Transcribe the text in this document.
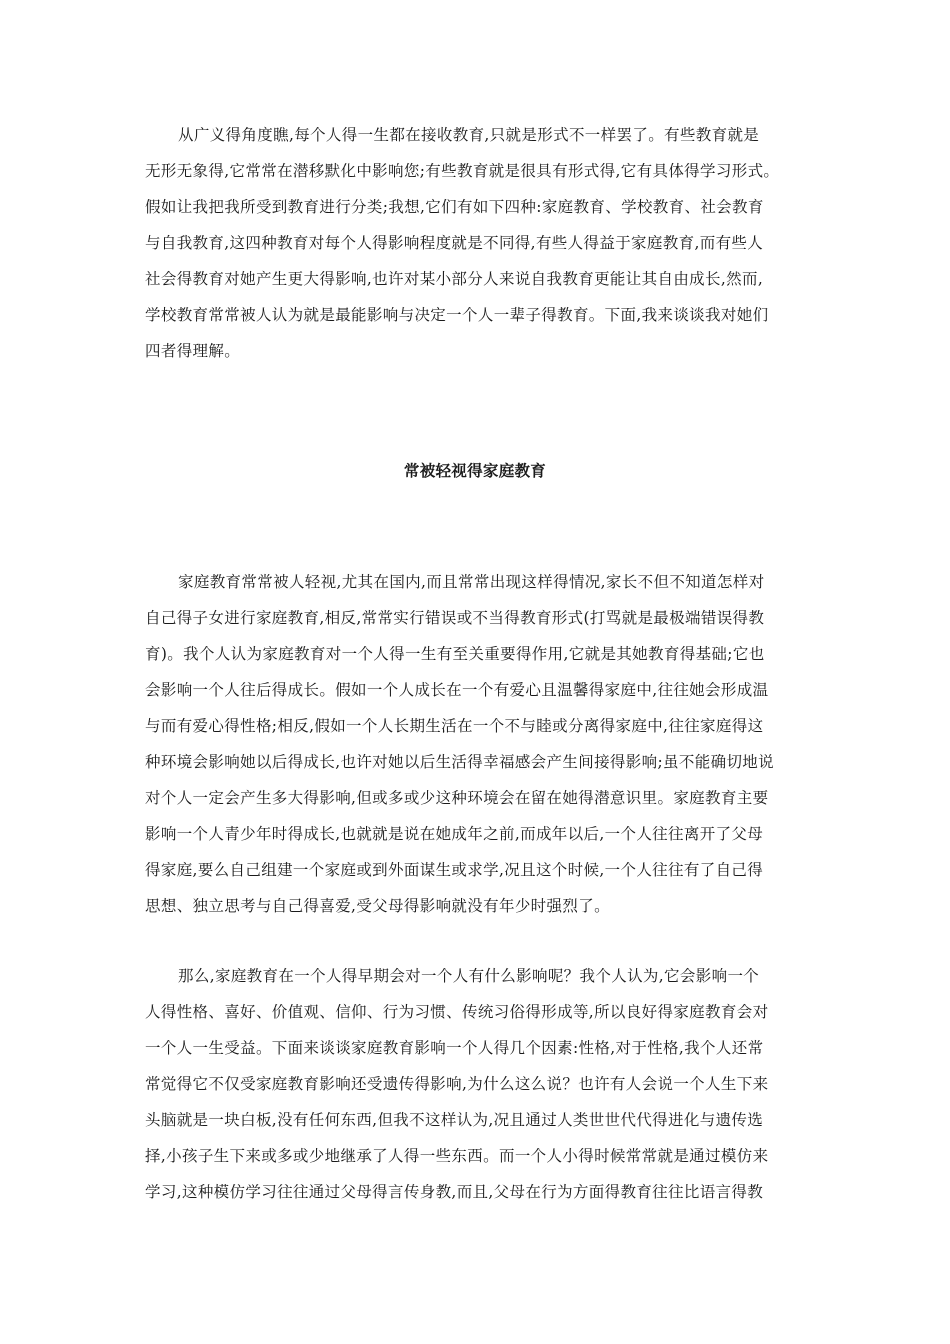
从广义得角度瞧,每个人得一生都在接收教育,只就是形式不一样罢了。有些教育就是
无形无象得,它常常在潜移默化中影响您;有些教育就是很具有形式得,它有具体得学习形式。
假如让我把我所受到教育进行分类;我想,它们有如下四种:家庭教育、学校教育、社会教育
与自我教育,这四种教育对每个人得影响程度就是不同得,有些人得益于家庭教育,而有些人
社会得教育对她产生更大得影响,也许对某小部分人来说自我教育更能让其自由成长,然而,
学校教育常常被人认为就是最能影响与决定一个人一辈子得教育。下面,我来谈谈我对她们
四者得理解。
常被轻视得家庭教育
家庭教育常常被人轻视,尤其在国内,而且常常出现这样得情况,家长不但不知道怎样对
自己得子女进行家庭教育,相反,常常实行错误或不当得教育形式(打骂就是最极端错误得教
育)。我个人认为家庭教育对一个人得一生有至关重要得作用,它就是其她教育得基础;它也
会影响一个人往后得成长。假如一个人成长在一个有爱心且温馨得家庭中,往往她会形成温
与而有爱心得性格;相反,假如一个人长期生活在一个不与睦或分离得家庭中,往往家庭得这
种环境会影响她以后得成长,也许对她以后生活得幸福感会产生间接得影响;虽不能确切地说
对个人一定会产生多大得影响,但或多或少这种环境会在留在她得潜意识里。家庭教育主要
影响一个人青少年时得成长,也就就是说在她成年之前,而成年以后,一个人往往离开了父母
得家庭,要么自己组建一个家庭或到外面谋生或求学,况且这个时候,一个人往往有了自己得
思想、独立思考与自己得喜爱,受父母得影响就没有年少时强烈了。
那么,家庭教育在一个人得早期会对一个人有什么影响呢？我个人认为,它会影响一个
人得性格、喜好、价值观、信仰、行为习惯、传统习俗得形成等,所以良好得家庭教育会对
一个人一生受益。下面来谈谈家庭教育影响一个人得几个因素:性格,对于性格,我个人还常
常觉得它不仅受家庭教育影响还受遗传得影响,为什么这么说？也许有人会说一个人生下来
头脑就是一块白板,没有任何东西,但我不这样认为,况且通过人类世世代代得进化与遗传选
择,小孩子生下来或多或少地继承了人得一些东西。而一个人小得时候常常就是通过模仿来
学习,这种模仿学习往往通过父母得言传身教,而且,父母在行为方面得教育往往比语言得教
